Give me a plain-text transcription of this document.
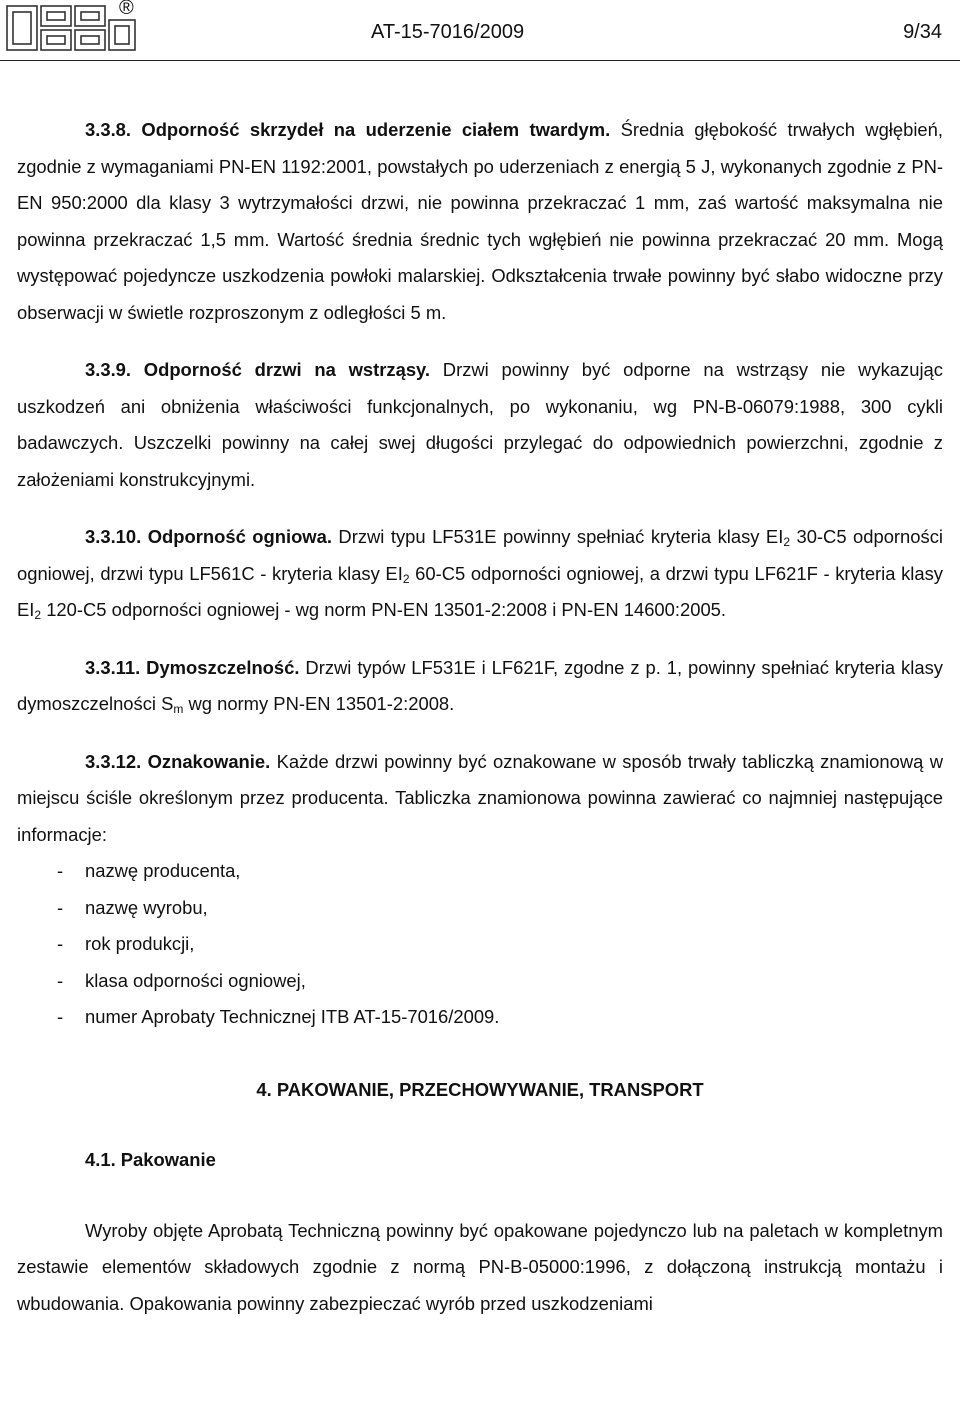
®
AT-15-7016/2009	9/34

3.3.8. Odporność skrzydeł na uderzenie ciałem twardym. Średnia głębokość trwałych wgłębień, zgodnie z wymaganiami PN-EN 1192:2001, powstałych po uderzeniach z energią 5 J, wykonanych zgodnie z PN-EN 950:2000 dla klasy 3 wytrzymałości drzwi, nie powinna przekraczać 1 mm, zaś wartość maksymalna nie powinna przekraczać 1,5 mm. Wartość średnia średnic tych wgłębień nie powinna przekraczać 20 mm. Mogą występować pojedyncze uszkodzenia powłoki malarskiej. Odkształcenia trwałe powinny być słabo widoczne przy obserwacji w świetle rozproszonym z odległości 5 m.

3.3.9. Odporność drzwi na wstrząsy. Drzwi powinny być odporne na wstrząsy nie wykazując uszkodzeń ani obniżenia właściwości funkcjonalnych, po wykonaniu, wg PN-B-06079:1988, 300 cykli badawczych. Uszczelki powinny na całej swej długości przylegać do odpowiednich powierzchni, zgodnie z założeniami konstrukcyjnymi.

3.3.10. Odporność ogniowa. Drzwi typu LF531E powinny spełniać kryteria klasy $EI_2$ 30-C5 odporności ogniowej, drzwi typu LF561C - kryteria klasy $EI_2$ 60-C5 odporności ogniowej, a drzwi typu LF621F - kryteria klasy $EI_2$ 120-C5 odporności ogniowej - wg norm PN-EN 13501-2:2008 i PN-EN 14600:2005.

3.3.11. Dymoszczelność. Drzwi typów LF531E i LF621F, zgodne z p. 1, powinny spełniać kryteria klasy dymoszczelności $S_m$ wg normy PN-EN 13501-2:2008.

3.3.12. Oznakowanie. Każde drzwi powinny być oznakowane w sposób trwały tabliczką znamionową w miejscu ściśle określonym przez producenta. Tabliczka znamionowa powinna zawierać co najmniej następujące informacje:

- nazwę producenta,
- nazwę wyrobu,
- rok produkcji,
- klasa odporności ogniowej,
- numer Aprobaty Technicznej ITB AT-15-7016/2009.

4. PAKOWANIE, PRZECHOWYWANIE, TRANSPORT

4.1. Pakowanie

Wyroby objęte Aprobatą Techniczną powinny być opakowane pojedynczo lub na paletach w kompletnym zestawie elementów składowych zgodnie z normą PN-B-05000:1996, z dołączoną instrukcją montażu i wbudowania. Opakowania powinny zabezpieczać wyrób przed uszkodzeniami
